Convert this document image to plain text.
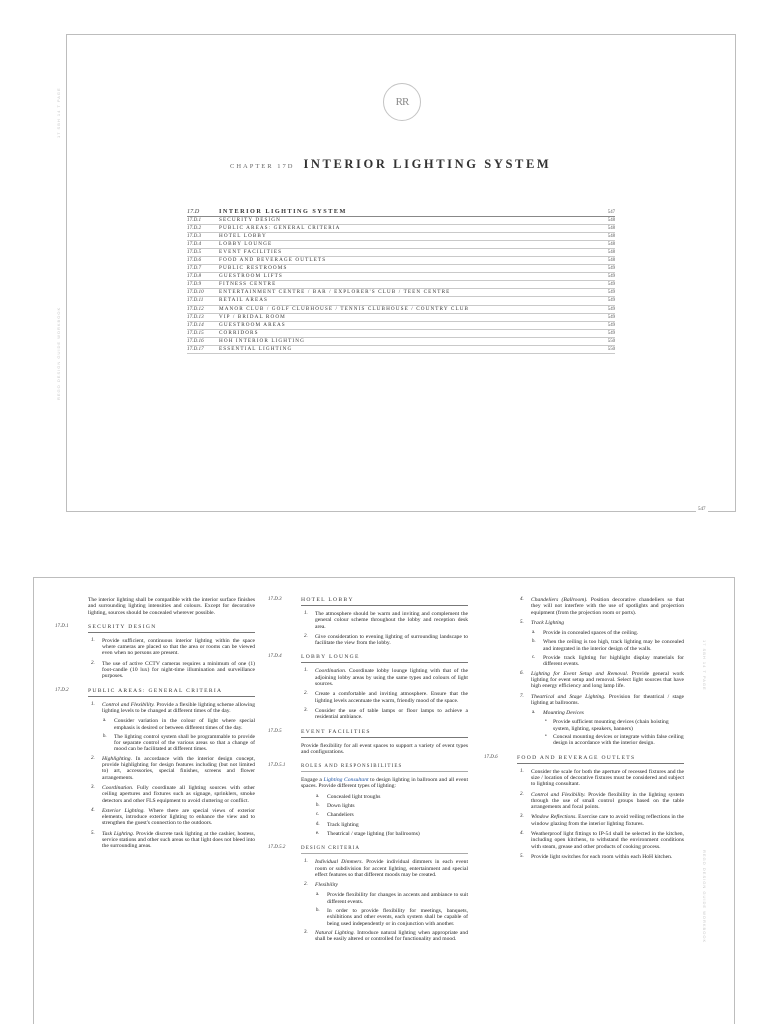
17 SBH 14 T PAGE
REGO DESIGN GUIDE WORKBOOK
RR
CHAPTER 17D INTERIOR LIGHTING SYSTEM
17.D	INTERIOR LIGHTING SYSTEM	547
17.D.1	SECURITY DESIGN	548
17.D.2	PUBLIC AREAS: GENERAL CRITERIA	548
17.D.3	HOTEL LOBBY	548
17.D.4	LOBBY LOUNGE	548
17.D.5	EVENT FACILITIES	548
17.D.6	FOOD AND BEVERAGE OUTLETS	548
17.D.7	PUBLIC RESTROOMS	549
17.D.8	GUESTROOM LIFTS	549
17.D.9	FITNESS CENTRE	549
17.D.10	ENTERTAINMENT CENTRE / BAR / EXPLORER'S CLUB / TEEN CENTRE	549
17.D.11	RETAIL AREAS	549
17.D.12	MANOR CLUB / GOLF CLUBHOUSE / TENNIS CLUBHOUSE / COUNTRY CLUB	549
17.D.13	VIP / BRIDAL ROOM	549
17.D.14	GUESTROOM AREAS	549
17.D.15	CORRIDORS	549
17.D.16	HOH INTERIOR LIGHTING	550
17.D.17	ESSENTIAL LIGHTING	550
547
17 SBH 14 T PAGE
REGO DESIGN GUIDE WORKBOOK
The interior lighting shall be compatible with the interior surface finishes and surrounding lighting intensities and colours. Except for decorative lighting, sources should be concealed wherever possible.
17.D.1	SECURITY DESIGN
1. Provide sufficient, continuous interior lighting within the space where cameras are placed so that the area or rooms can be viewed even when no persons are present.
2. The use of active CCTV cameras requires a minimum of one (1) foot-candle (10 lux) for night-time illumination and surveillance purposes.
17.D.2	PUBLIC AREAS: GENERAL CRITERIA
1. Control and Flexibility. Provide a flexible lighting scheme allowing lighting levels to be changed at different times of the day.
a. Consider variation in the colour of light where special emphasis is desired or between different times of the day.
b. The lighting control system shall be programmable to provide for separate control of the various areas so that a change of mood can be facilitated at different times.
2. Highlighting. In accordance with the interior design concept, provide highlighting for design features including (but not limited to) art, accessories, special finishes, screens and flower arrangements.
3. Coordination. Fully coordinate all lighting sources with other ceiling apertures and fixtures such as signage, sprinklers, smoke detectors and other FLS equipment to avoid cluttering or conflict.
4. Exterior Lighting. Where there are special views of exterior elements, introduce exterior lighting to enhance the view and to strengthen the guest's connection to the outdoors.
5. Task Lighting. Provide discrete task lighting at the cashier, hostess, service stations and other such areas so that light does not bleed into the surrounding areas.
17.D.3	HOTEL LOBBY
1. The atmosphere should be warm and inviting and complement the general colour scheme throughout the lobby and reception desk area.
2. Give consideration to evening lighting of surrounding landscape to facilitate the view from the lobby.
17.D.4	LOBBY LOUNGE
1. Coordination. Coordinate lobby lounge lighting with that of the adjoining lobby areas by using the same types and colours of light sources.
2. Create a comfortable and inviting atmosphere. Ensure that the lighting levels accentuate the warm, friendly mood of the space.
3. Consider the use of table lamps or floor lamps to achieve a residential ambiance.
17.D.5	EVENT FACILITIES
Provide flexibility for all event spaces to support a variety of event types and configurations.
17.D.5.1	ROLES AND RESPONSIBILITIES
Engage a Lighting Consultant to design lighting in ballroom and all event spaces. Provide different types of lighting:
a. Concealed light troughs
b. Down lights
c. Chandeliers
d. Track lighting
e. Theatrical / stage lighting (for ballrooms)
17.D.5.2	DESIGN CRITERIA
1. Individual Dimmers. Provide individual dimmers in each event room or subdivision for accent lighting, entertainment and special effect features so that different moods may be created.
2. Flexibility
a. Provide flexibility for changes in accents and ambiance to suit different events.
b. In order to provide flexibility for meetings, banquets, exhibitions and other events, each system shall be capable of being used independently or in conjunction with another.
3. Natural Lighting. Introduce natural lighting when appropriate and shall be easily altered or controlled for functionality and mood.
4. Chandeliers (Ballroom). Position decorative chandeliers so that they will not interfere with the use of spotlights and projection equipment (from the projection room or ports).
5. Track Lighting
a. Provide in concealed spaces of the ceiling.
b. When the ceiling is too high, track lighting may be concealed and integrated in the interior design of the walls.
c. Provide track lighting for highlight display materials for different events.
6. Lighting for Event Setup and Removal. Provide general work lighting for event setup and removal. Select light sources that have high energy efficiency and long lamp life.
7. Theatrical and Stage Lighting. Provision for theatrical / stage lighting at ballrooms.
a. Mounting Devices
• Provide sufficient mounting devices (chain hoisting system, lighting, speakers, banners)
• Conceal mounting devices or integrate within false ceiling design in accordance with the interior design.
17.D.6	FOOD AND BEVERAGE OUTLETS
1. Consider the scale for both the aperture of recessed fixtures and the size / location of decorative fixtures must be considered and subject to lighting consultant.
2. Control and Flexibility. Provide flexibility in the lighting system through the use of small control groups based on the table arrangements and focal points.
3. Window Reflections. Exercise care to avoid veiling reflections in the window glazing from the interior lighting fixtures.
4. Weatherproof light fittings to IP-54 shall be selected in the kitchen, including open kitchens, to withstand the environment conditions with steam, grease and other products of cooking process.
5. Provide light switches for each room within each HoH kitchen.
